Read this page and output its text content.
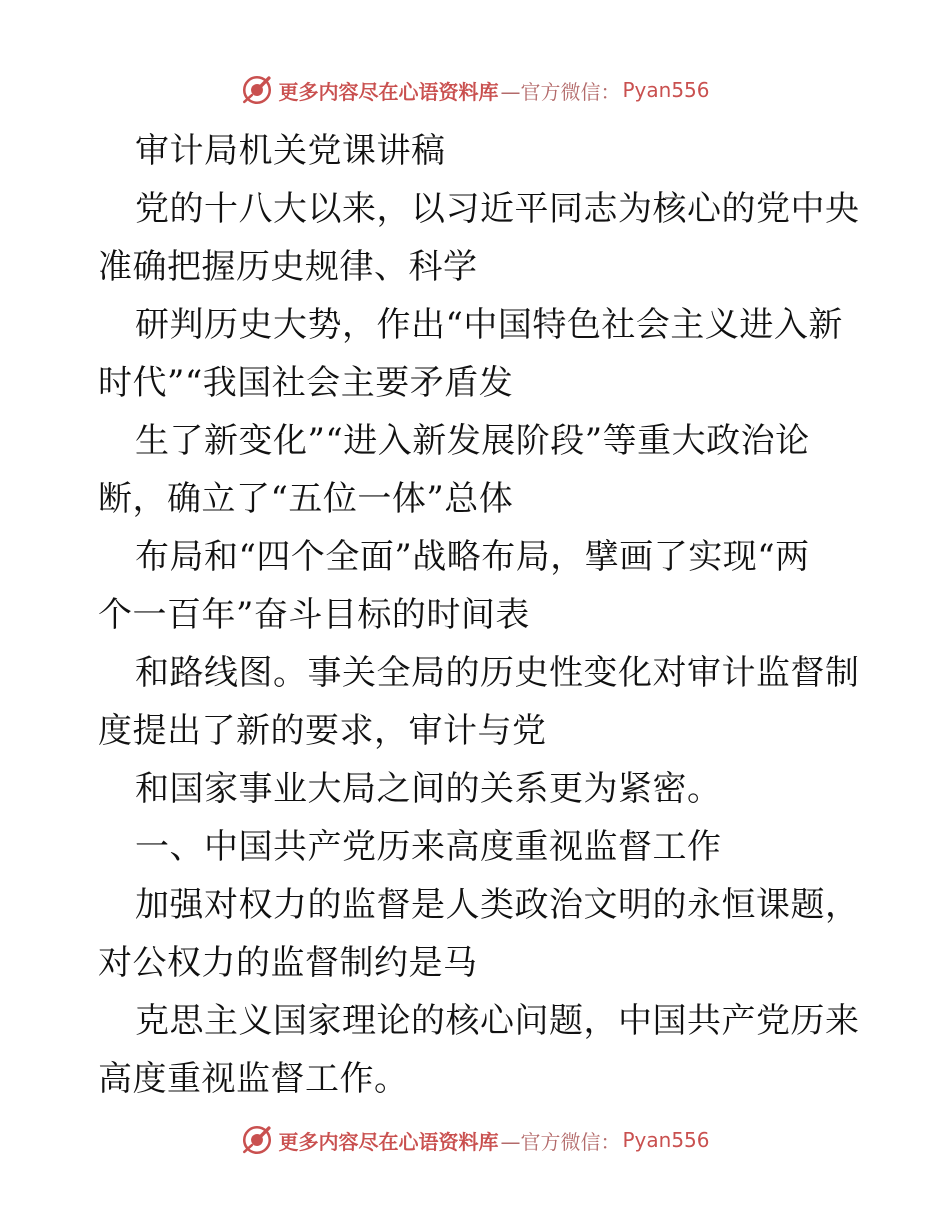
更多内容尽在心语资料库 —官方微信： Pyan556
审计局机关党课讲稿
党的十八大以来，以习近平同志为核心的党中央
准确把握历史规律、科学
研判历史大势，作出“中国特色社会主义进入新
时代”“我国社会主要矛盾发
生了新变化”“进入新发展阶段”等重大政治论
断，确立了“五位一体”总体
布局和“四个全面”战略布局，擘画了实现“两
个一百年”奋斗目标的时间表
和路线图。事关全局的历史性变化对审计监督制
度提出了新的要求，审计与党
和国家事业大局之间的关系更为紧密。
一、中国共产党历来高度重视监督工作
加强对权力的监督是人类政治文明的永恒课题，
对公权力的监督制约是马
克思主义国家理论的核心问题，中国共产党历来
高度重视监督工作。
更多内容尽在心语资料库 —官方微信： Pyan556
